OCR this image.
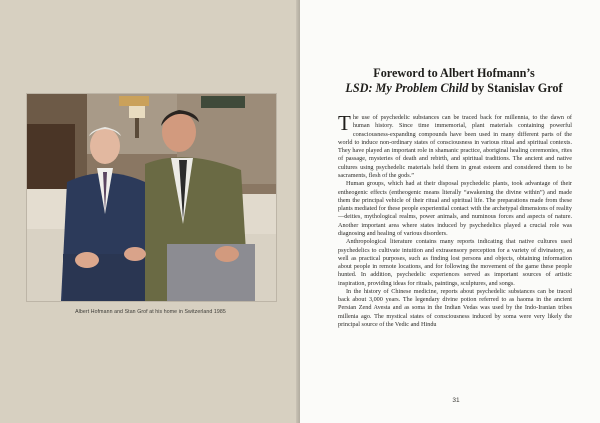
Albert Hofmann and Stan Grof at his home in Switzerland 1985
Foreword to Albert Hofmann’s
LSD: My Problem Child by Stanislav Grof

The use of psychedelic substances can be traced back for millennia, to the dawn of human history. Since time immemorial, plant materials containing powerful consciousness-expanding compounds have been used in many different parts of the world to induce non-ordinary states of consciousness in various ritual and spiritual contexts. They have played an important role in shamanic practice, aboriginal healing ceremonies, rites of passage, mysteries of death and rebirth, and spiritual traditions. The ancient and native cultures using psychedelic materials held them in great esteem and considered them to be sacraments, flesh of the gods.”

Human groups, which had at their disposal psychedelic plants, took advantage of their entheogenic effects (entheogenic means literally “awakening the divine within”) and made them the principal vehicle of their ritual and spiritual life. The preparations made from these plants mediated for these people experiential contact with the archetypal dimensions of reality—deities, mythological realms, power animals, and numinous forces and aspects of nature. Another important area where states induced by psychedelics played a crucial role was diagnosing and healing of various disorders.

Anthropological literature contains many reports indicating that native cultures used psychedelics to cultivate intuition and extrasensory perception for a variety of divinatory, as well as practical purposes, such as finding lost persons and objects, obtaining information about people in remote locations, and for following the movement of the game these people hunted. In addition, psychedelic experiences served as important sources of artistic inspiration, providing ideas for rituals, paintings, sculptures, and songs.

In the history of Chinese medicine, reports about psychedelic substances can be traced back about 3,000 years. The legendary divine potion referred to as haoma in the ancient Persian Zend Avesta and as soma in the Indian Vedas was used by the Indo-Iranian tribes millenia ago. The mystical states of consciousness induced by soma were very likely the principal source of the Vedic and Hindu

31
